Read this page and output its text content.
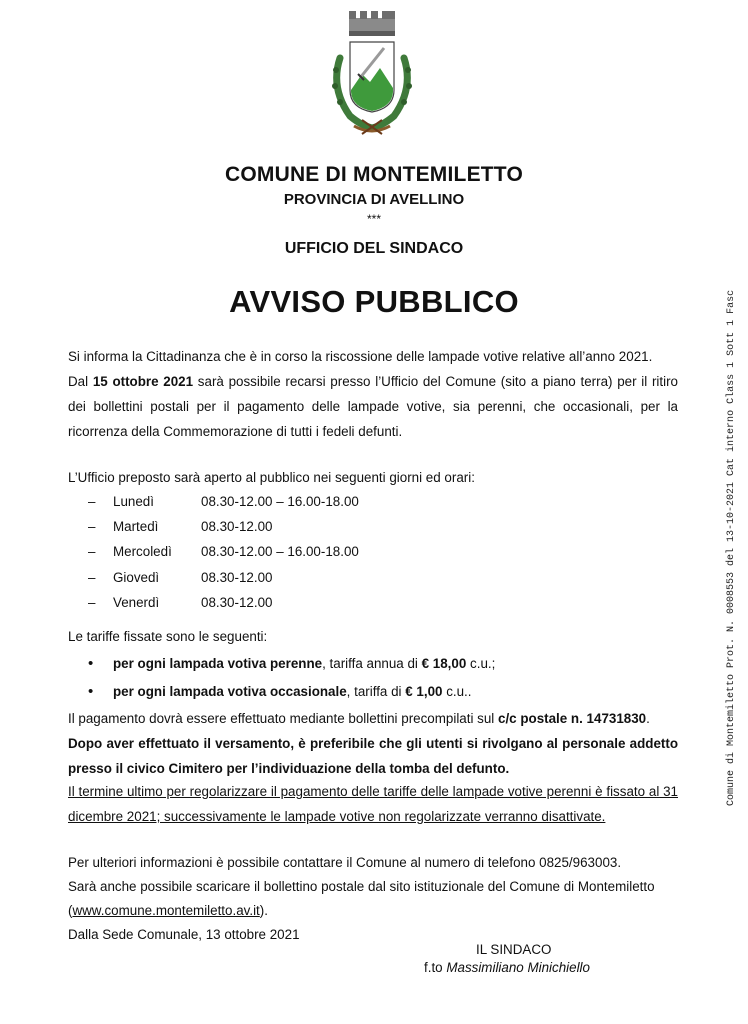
COMUNE DI MONTEMILETTO
PROVINCIA DI AVELLINO
***
UFFICIO DEL SINDACO
AVVISO PUBBLICO
Si informa la Cittadinanza che è in corso la riscossione delle lampade votive relative all’anno 2021.
Dal 15 ottobre 2021 sarà possibile recarsi presso l’Ufficio del Comune (sito a piano terra) per il ritiro dei bollettini postali per il pagamento delle lampade votive, sia perenni, che occasionali, per la ricorrenza della Commemorazione di tutti i fedeli defunti.
L’Ufficio preposto sarà aperto al pubblico nei seguenti giorni ed orari:
– Lunedì	08.30-12.00 – 16.00-18.00
– Martedì	08.30-12.00
– Mercoledì 08.30-12.00 – 16.00-18.00
– Giovedì	08.30-12.00
– Venerdì	08.30-12.00
Le tariffe fissate sono le seguenti:
• per ogni lampada votiva perenne, tariffa annua di € 18,00 c.u.;
• per ogni lampada votiva occasionale, tariffa di € 1,00 c.u..
Il pagamento dovrà essere effettuato mediante bollettini precompilati sul c/c postale n. 14731830.
Dopo aver effettuato il versamento, è preferibile che gli utenti si rivolgano al personale addetto presso il civico Cimitero per l’individuazione della tomba del defunto.
Il termine ultimo per regolarizzare il pagamento delle tariffe delle lampade votive perenni è fissato al 31 dicembre 2021; successivamente le lampade votive non regolarizzate verranno disattivate.
Per ulteriori informazioni è possibile contattare il Comune al numero di telefono 0825/963003.
Sarà anche possibile scaricare il bollettino postale dal sito istituzionale del Comune di Montemiletto
(www.comune.montemiletto.av.it).
Dalla Sede Comunale, 13 ottobre 2021
IL SINDACO
f.to Massimiliano Minichiello
Comune di Montemiletto Prot. N. 0008553 del 13-10-2021 Cat interno Class 1 Sott 1 Fasc
